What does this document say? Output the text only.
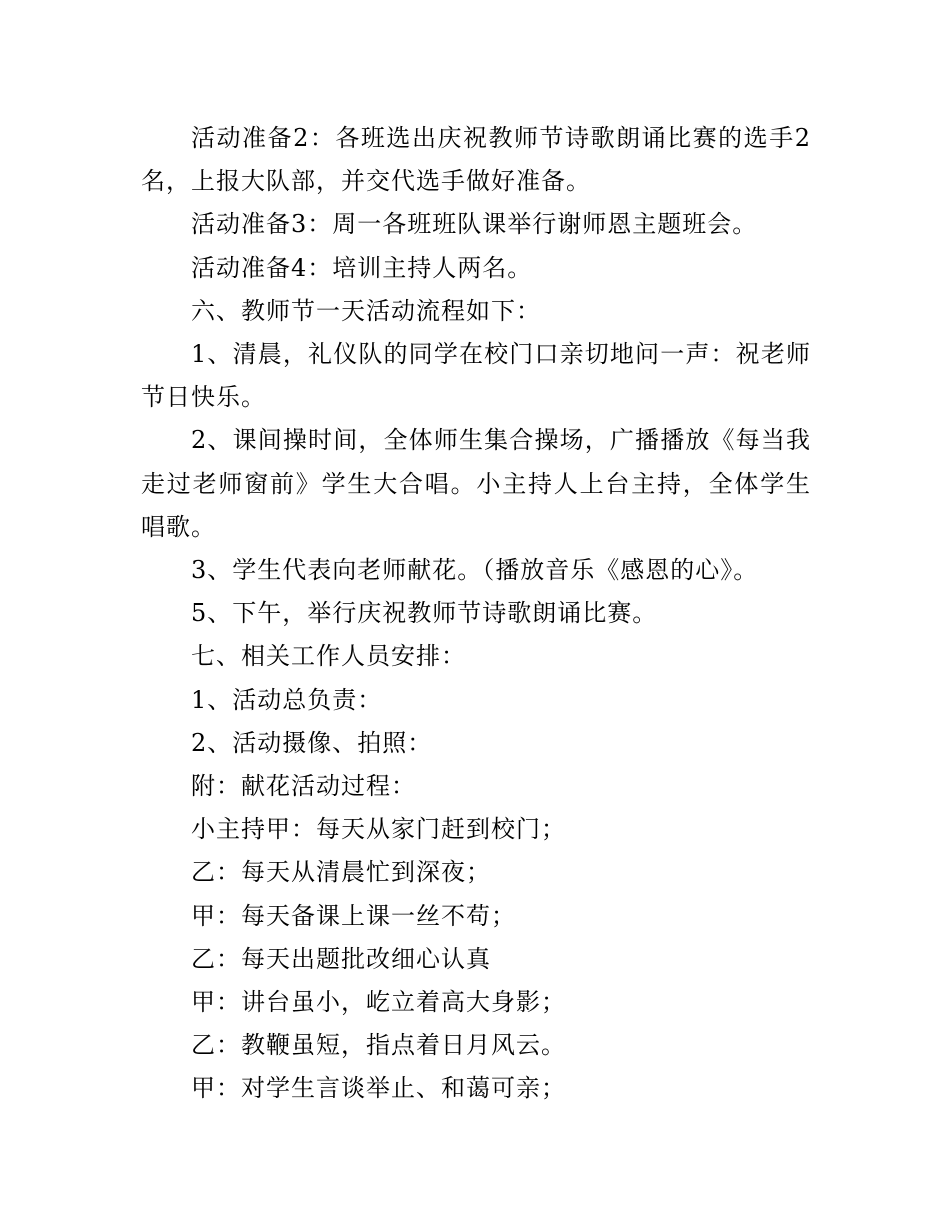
活动准备2：各班选出庆祝教师节诗歌朗诵比赛的选手2名，上报大队部，并交代选手做好准备。

活动准备3：周一各班班队课举行谢师恩主题班会。

活动准备4：培训主持人两名。

六、教师节一天活动流程如下：

1、清晨，礼仪队的同学在校门口亲切地问一声：祝老师节日快乐。

2、课间操时间，全体师生集合操场，广播播放《每当我走过老师窗前》学生大合唱。小主持人上台主持，全体学生唱歌。

3、学生代表向老师献花。（播放音乐《感恩的心》。

5、下午，举行庆祝教师节诗歌朗诵比赛。

七、相关工作人员安排：

1、活动总负责：

2、活动摄像、拍照：

附：献花活动过程：

小主持甲：每天从家门赶到校门；

乙：每天从清晨忙到深夜；

甲：每天备课上课一丝不苟；

乙：每天出题批改细心认真

甲：讲台虽小，屹立着高大身影；

乙：教鞭虽短，指点着日月风云。

甲：对学生言谈举止、和蔼可亲；
